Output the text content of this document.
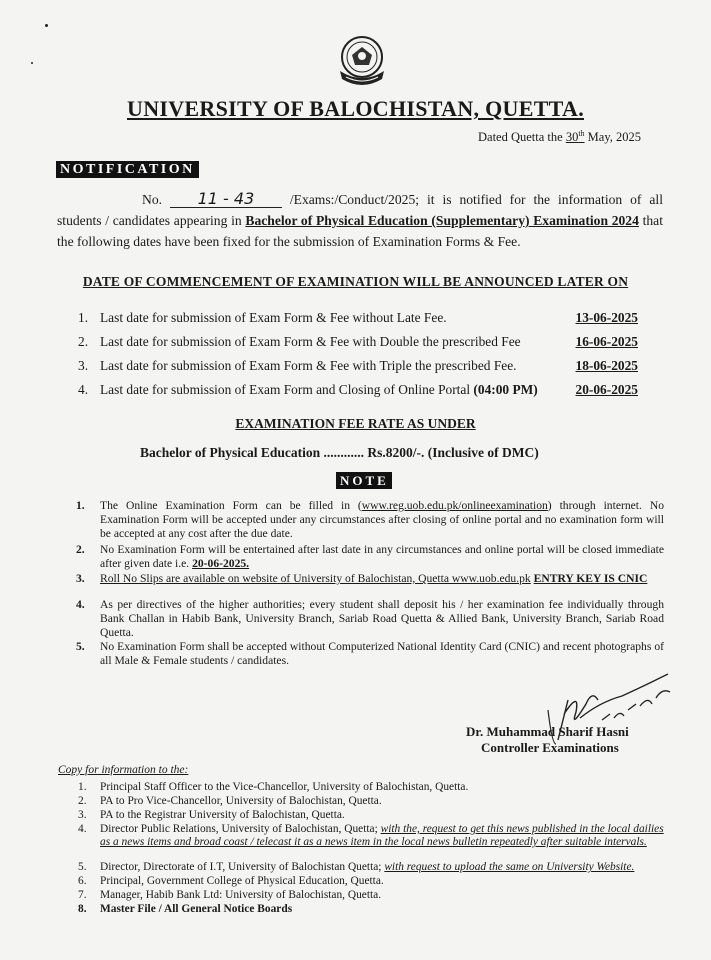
UNIVERSITY OF BALOCHISTAN, QUETTA.
Dated Quetta the 30th May, 2025
NOTIFICATION
No. 11 - 43	/Exams:/Conduct/2025; it is notified for the information of all students / candidates appearing in Bachelor of Physical Education (Supplementary) Examination 2024 that the following dates have been fixed for the submission of Examination Forms & Fee.
DATE OF COMMENCEMENT OF EXAMINATION WILL BE ANNOUNCED LATER ON
1. Last date for submission of Exam Form & Fee without Late Fee.	13-06-2025
2. Last date for submission of Exam Form & Fee with Double the prescribed Fee	16-06-2025
3. Last date for submission of Exam Form & Fee with Triple the prescribed Fee.	18-06-2025
4. Last date for submission of Exam Form and Closing of Online Portal (04:00 PM)	20-06-2025
EXAMINATION FEE RATE AS UNDER
Bachelor of Physical Education ............ Rs.8200/-. (Inclusive of DMC)
NOTE
1. The Online Examination Form can be filled in (www.reg.uob.edu.pk/onlineexamination) through internet. No Examination Form will be accepted under any circumstances after closing of online portal and no examination form will be accepted at any cost after the due date.
2. No Examination Form will be entertained after last date in any circumstances and online portal will be closed immediate after given date i.e. 20-06-2025.
3. Roll No Slips are available on website of University of Balochistan, Quetta www.uob.edu.pk ENTRY KEY IS CNIC
4. As per directives of the higher authorities; every student shall deposit his / her examination fee individually through Bank Challan in Habib Bank, University Branch, Sariab Road Quetta & Allied Bank, University Branch, Sariab Road Quetta.
5. No Examination Form shall be accepted without Computerized National Identity Card (CNIC) and recent photographs of all Male & Female students / candidates.
Dr. Muhammad Sharif Hasni
Controller Examinations
Copy for information to the:
1. Principal Staff Officer to the Vice-Chancellor, University of Balochistan, Quetta.
2. PA to Pro Vice-Chancellor, University of Balochistan, Quetta.
3. PA to the Registrar University of Balochistan, Quetta.
4. Director Public Relations, University of Balochistan, Quetta; with the, request to get this news published in the local dailies as a news items and broad coast / telecast it as a news item in the local news bulletin repeatedly after suitable intervals.
5. Director, Directorate of I.T, University of Balochistan Quetta; with request to upload the same on University Website.
6. Principal, Government College of Physical Education, Quetta.
7. Manager, Habib Bank Ltd: University of Balochistan, Quetta.
8. Master File / All General Notice Boards
